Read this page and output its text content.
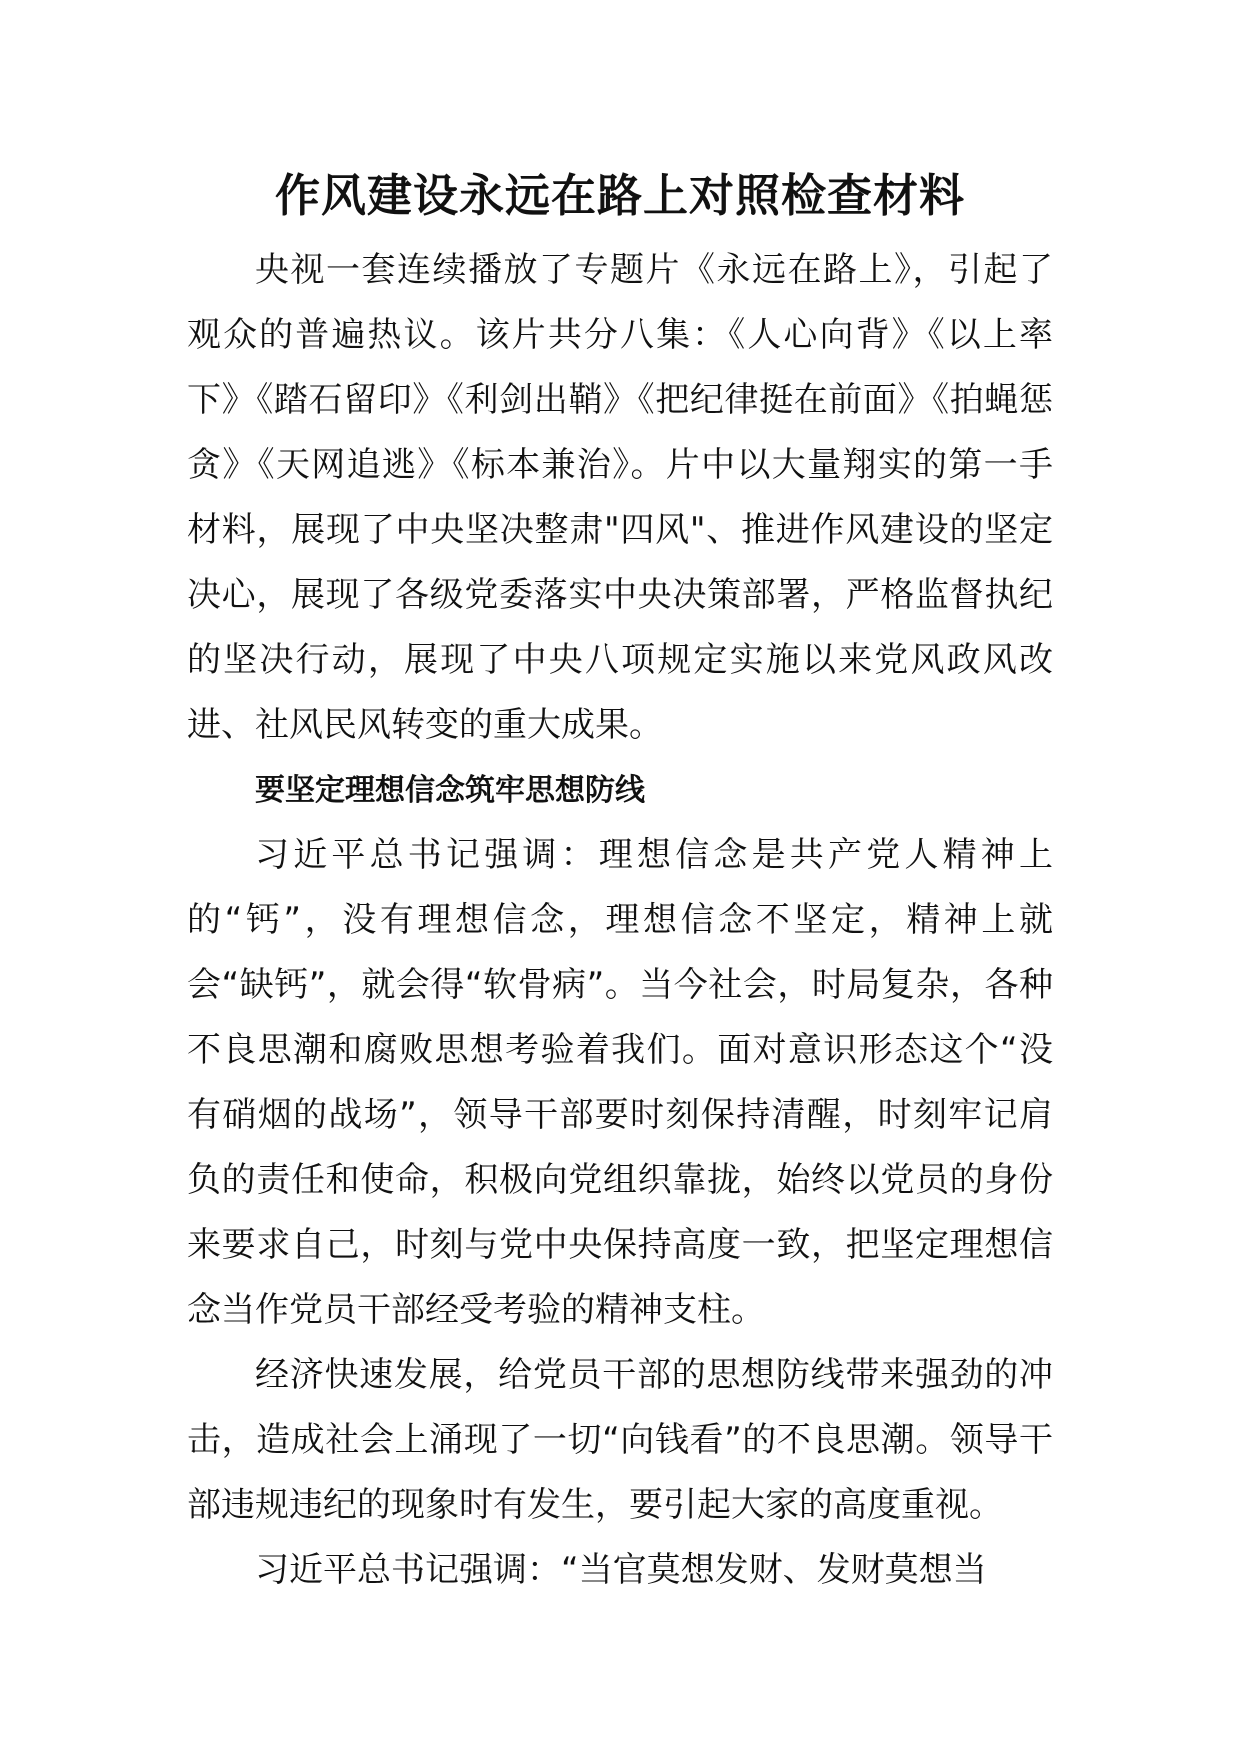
作风建设永远在路上对照检查材料

央视一套连续播放了专题片《永远在路上》，引起了观众的普遍热议。该片共分八集：《人心向背》《以上率下》《踏石留印》《利剑出鞘》《把纪律挺在前面》《拍蝇惩贪》《天网追逃》《标本兼治》。片中以大量翔实的第一手材料，展现了中央坚决整肃"四风"、推进作风建设的坚定决心，展现了各级党委落实中央决策部署，严格监督执纪的坚决行动，展现了中央八项规定实施以来党风政风改进、社风民风转变的重大成果。

要坚定理想信念筑牢思想防线

习近平总书记强调：理想信念是共产党人精神上的“钙”，没有理想信念，理想信念不坚定，精神上就会“缺钙”，就会得“软骨病”。当今社会，时局复杂，各种不良思潮和腐败思想考验着我们。面对意识形态这个“没有硝烟的战场”，领导干部要时刻保持清醒，时刻牢记肩负的责任和使命，积极向党组织靠拢，始终以党员的身份来要求自己，时刻与党中央保持高度一致，把坚定理想信念当作党员干部经受考验的精神支柱。

经济快速发展，给党员干部的思想防线带来强劲的冲击，造成社会上涌现了一切“向钱看”的不良思潮。领导干部违规违纪的现象时有发生，要引起大家的高度重视。

习近平总书记强调：“当官莫想发财、发财莫想当
